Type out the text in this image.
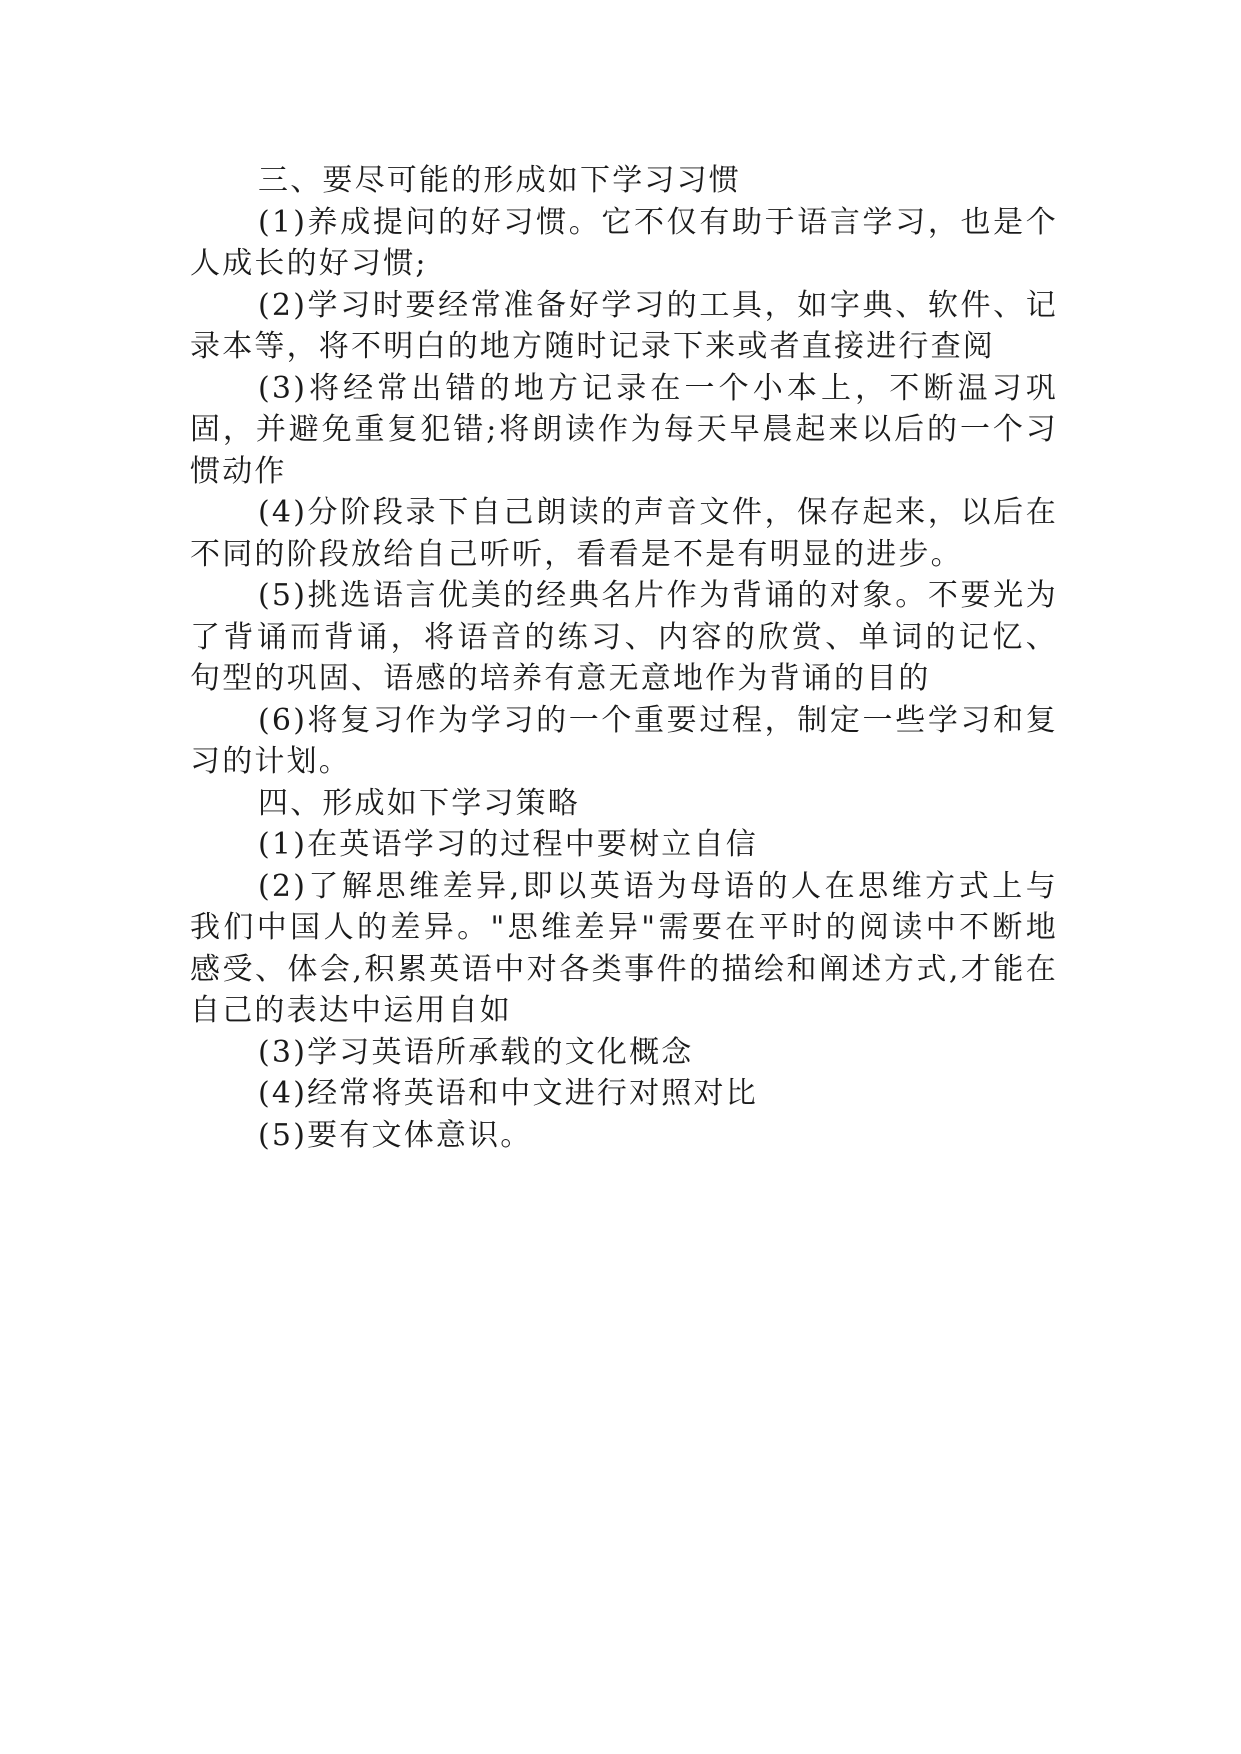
三、要尽可能的形成如下学习习惯

(1)养成提问的好习惯。它不仅有助于语言学习，也是个人成长的好习惯;

(2)学习时要经常准备好学习的工具，如字典、软件、记录本等，将不明白的地方随时记录下来或者直接进行查阅

(3)将经常出错的地方记录在一个小本上，不断温习巩固，并避免重复犯错;将朗读作为每天早晨起来以后的一个习惯动作

(4)分阶段录下自己朗读的声音文件，保存起来，以后在不同的阶段放给自己听听，看看是不是有明显的进步。

(5)挑选语言优美的经典名片作为背诵的对象。不要光为了背诵而背诵，将语音的练习、内容的欣赏、单词的记忆、句型的巩固、语感的培养有意无意地作为背诵的目的

(6)将复习作为学习的一个重要过程，制定一些学习和复习的计划。

四、形成如下学习策略

(1)在英语学习的过程中要树立自信

(2)了解思维差异,即以英语为母语的人在思维方式上与我们中国人的差异。"思维差异"需要在平时的阅读中不断地感受、体会,积累英语中对各类事件的描绘和阐述方式,才能在自己的表达中运用自如

(3)学习英语所承载的文化概念

(4)经常将英语和中文进行对照对比

(5)要有文体意识。
